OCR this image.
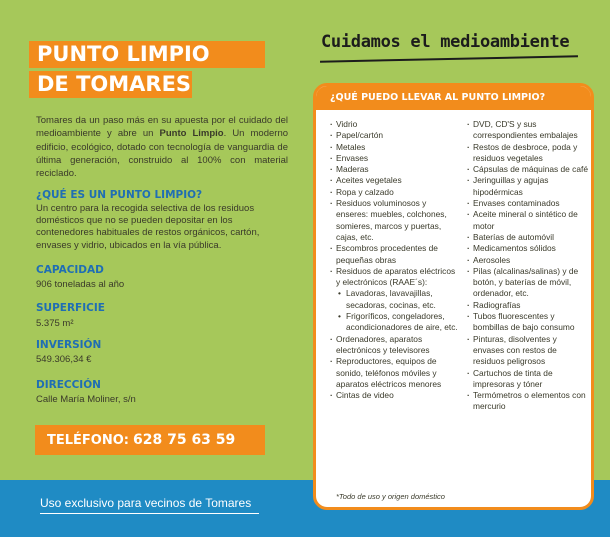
Uso exclusivo para vecinos de Tomares
PUNTO LIMPIO
DE TOMARES

Tomares da un paso más en su apuesta por el cuidado del medioambiente y abre un Punto Limpio. Un moderno edificio, ecológico, dotado con tecnología de vanguardia de última generación, construido al 100% con material reciclado.

¿QUÉ ES UN PUNTO LIMPIO?

Un centro para la recogida selectiva de los residuos domésticos que no se pueden depositar en los contenedores habituales de restos orgánicos, cartón, envases y vidrio, ubicados en la vía pública.

CAPACIDAD

906 toneladas al año

SUPERFICIE

5.375 m²

INVERSIÓN

549.306,34 €

DIRECCIÓN

Calle María Moliner, s/n

TELÉFONO: 628 75 63 59
Cuidamos el medioambiente
¿QUÉ PUEDO LLEVAR AL PUNTO LIMPIO?
· Vidrio
· Papel/cartón
· Metales
· Envases
· Maderas
· Aceites vegetales
· Ropa y calzado
· Residuos voluminosos y enseres: muebles, colchones, somieres, marcos y puertas, cajas, etc.
· Escombros procedentes de pequeñas obras
· Residuos de aparatos eléctricos y electrónicos (RAAE´s):
• Lavadoras, lavavajillas, secadoras, cocinas, etc.
• Frigoríficos, congeladores, acondicionadores de aire, etc.
· Ordenadores, aparatos electrónicos y televisores
· Reproductores, equipos de sonido, teléfonos móviles y aparatos eléctricos menores
· Cintas de video
· DVD, CD'S y sus correspondientes embalajes
· Restos de desbroce, poda y residuos vegetales
· Cápsulas de máquinas de café
· Jeringuillas y agujas hipodérmicas
· Envases contaminados
· Aceite mineral o sintético de motor
· Baterías de automóvil
· Medicamentos sólidos
· Aerosoles
· Pilas (alcalinas/salinas) y de botón, y baterías de móvil, ordenador, etc.
· Radiografías
· Tubos fluorescentes y bombillas de bajo consumo
· Pinturas, disolventes y envases con restos de residuos peligrosos
· Cartuchos de tinta de impresoras y tóner
· Termómetros o elementos con mercurio
*Todo de uso y origen doméstico
